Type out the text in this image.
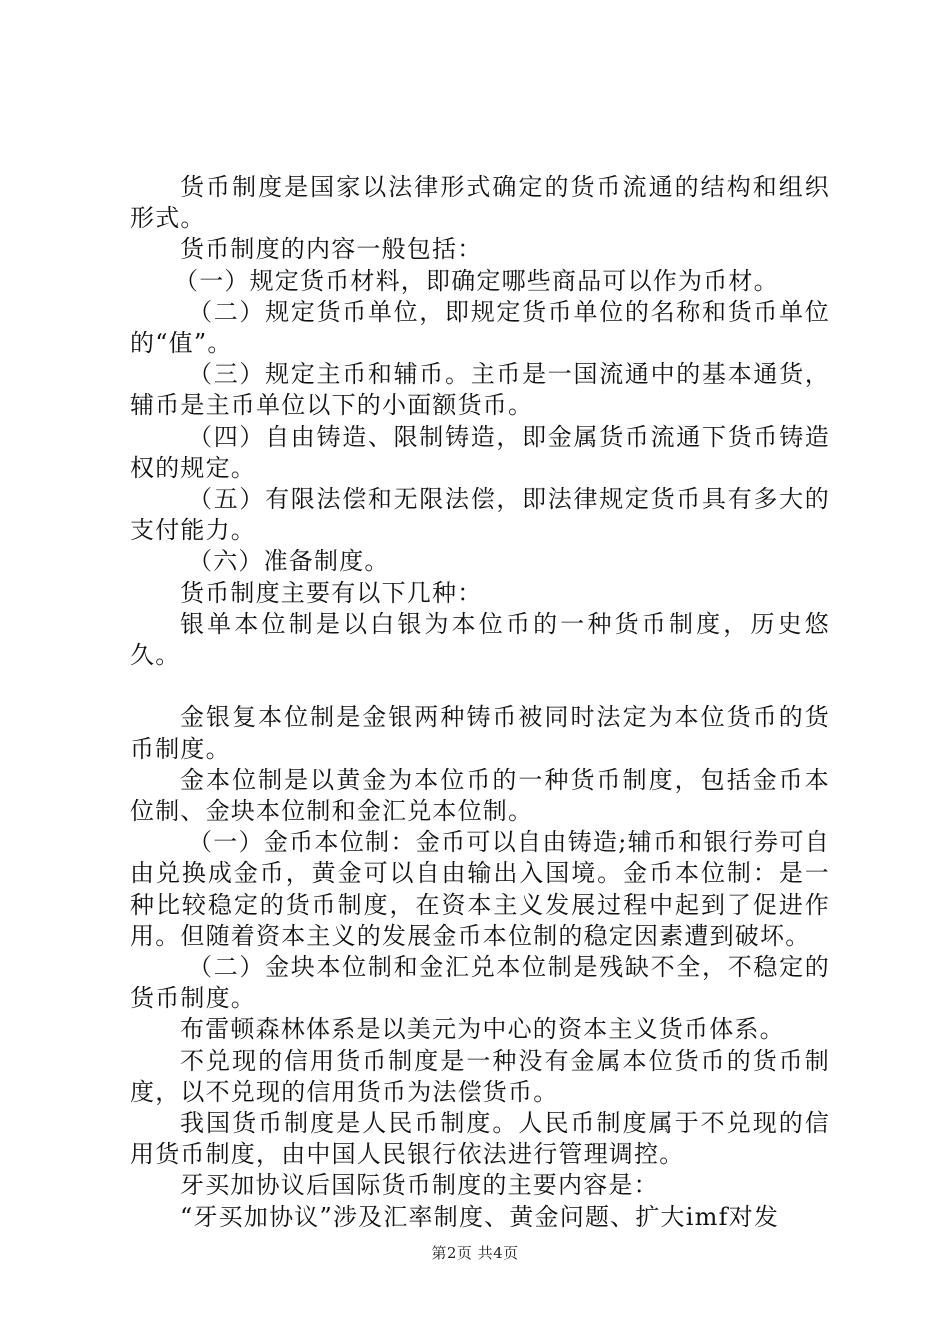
货币制度是国家以法律形式确定的货币流通的结构和组织形式。

货币制度的内容一般包括：

（一）规定货币材料，即确定哪些商品可以作为币材。

（二）规定货币单位，即规定货币单位的名称和货币单位的“值”。

（三）规定主币和辅币。主币是一国流通中的基本通货，辅币是主币单位以下的小面额货币。

（四）自由铸造、限制铸造，即金属货币流通下货币铸造权的规定。

（五）有限法偿和无限法偿，即法律规定货币具有多大的支付能力。

（六）准备制度。

货币制度主要有以下几种：

银单本位制是以白银为本位币的一种货币制度，历史悠久。

金银复本位制是金银两种铸币被同时法定为本位货币的货币制度。

金本位制是以黄金为本位币的一种货币制度，包括金币本位制、金块本位制和金汇兑本位制。

（一）金币本位制：金币可以自由铸造;辅币和银行券可自由兑换成金币，黄金可以自由输出入国境。金币本位制：是一种比较稳定的货币制度，在资本主义发展过程中起到了促进作用。但随着资本主义的发展金币本位制的稳定因素遭到破坏。

（二）金块本位制和金汇兑本位制是残缺不全，不稳定的货币制度。

布雷顿森林体系是以美元为中心的资本主义货币体系。

不兑现的信用货币制度是一种没有金属本位货币的货币制度，以不兑现的信用货币为法偿货币。

我国货币制度是人民币制度。人民币制度属于不兑现的信用货币制度，由中国人民银行依法进行管理调控。

牙买加协议后国际货币制度的主要内容是：

“牙买加协议”涉及汇率制度、黄金问题、扩大imf对发

第2页 共4页
